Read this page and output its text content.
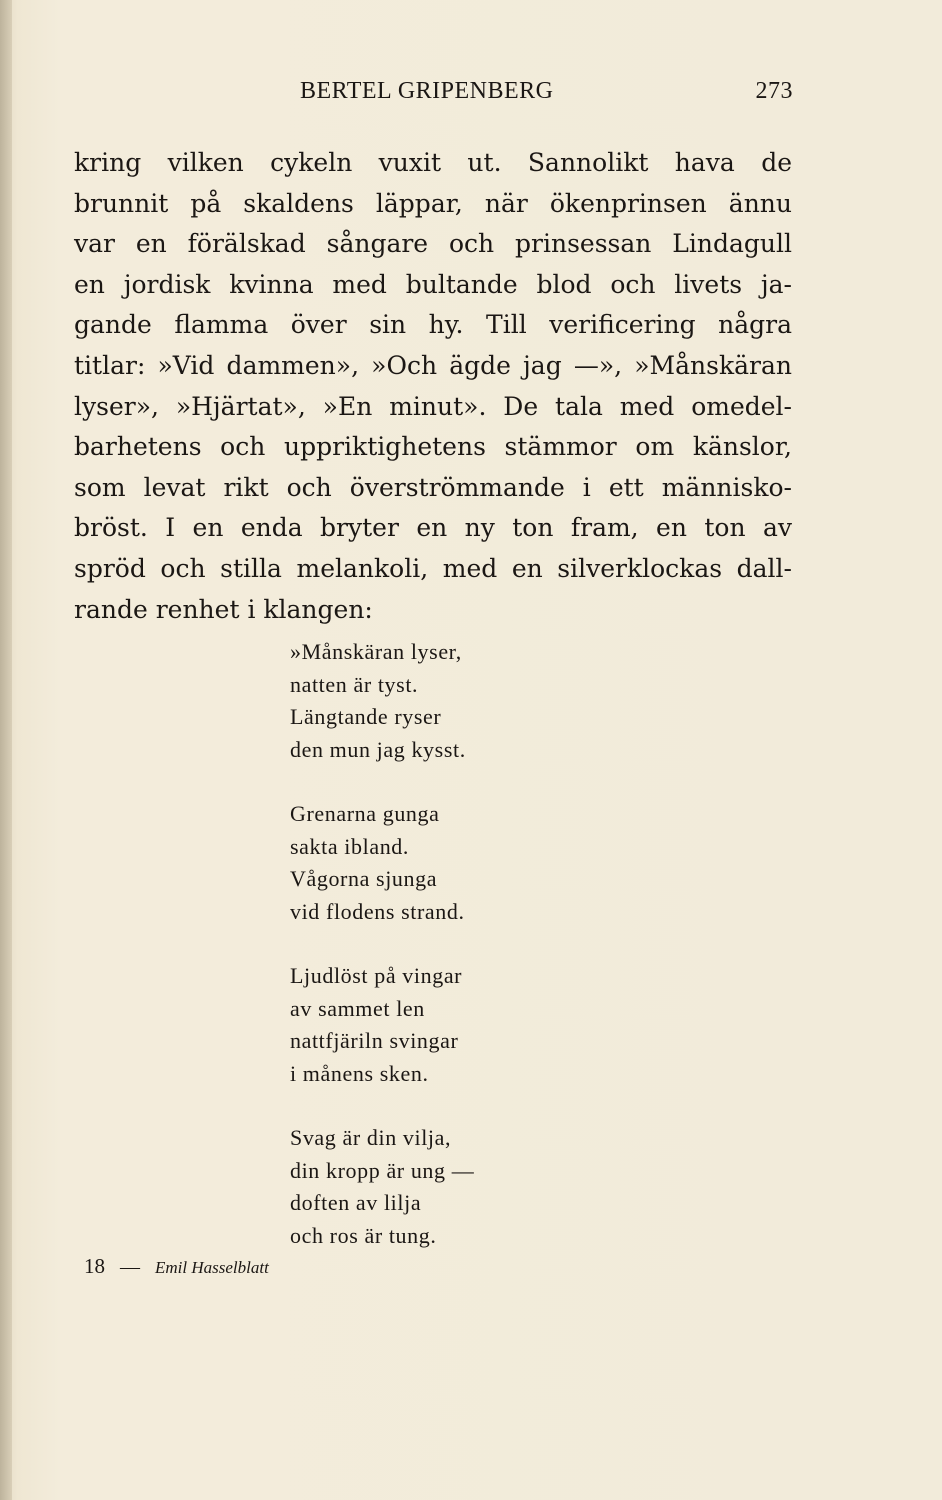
BERTEL GRIPENBERG	273
kring vilken cykeln vuxit ut. Sannolikt hava de
brunnit på skaldens läppar, när ökenprinsen ännu
var en förälskad sångare och prinsessan Lindagull
en jordisk kvinna med bultande blod och livets ja-
gande flamma över sin hy. Till verificering några
titlar: »Vid dammen», »Och ägde jag —», »Månskäran
lyser», »Hjärtat», »En minut». De tala med omedel-
barhetens och uppriktighetens stämmor om känslor,
som levat rikt och överströmmande i ett människo-
bröst. I en enda bryter en ny ton fram, en ton av
spröd och stilla melankoli, med en silverklockas dall-
rande renhet i klangen:
»Månskäran lyser,
natten är tyst.
Längtande ryser
den mun jag kysst.
Grenarna gunga
sakta ibland.
Vågorna sjunga
vid flodens strand.
Ljudlöst på vingar
av sammet len
nattfjäriln svingar
i månens sken.
Svag är din vilja,
din kropp är ung —
doften av lilja
och ros är tung.
18 — Emil Hasselblatt
